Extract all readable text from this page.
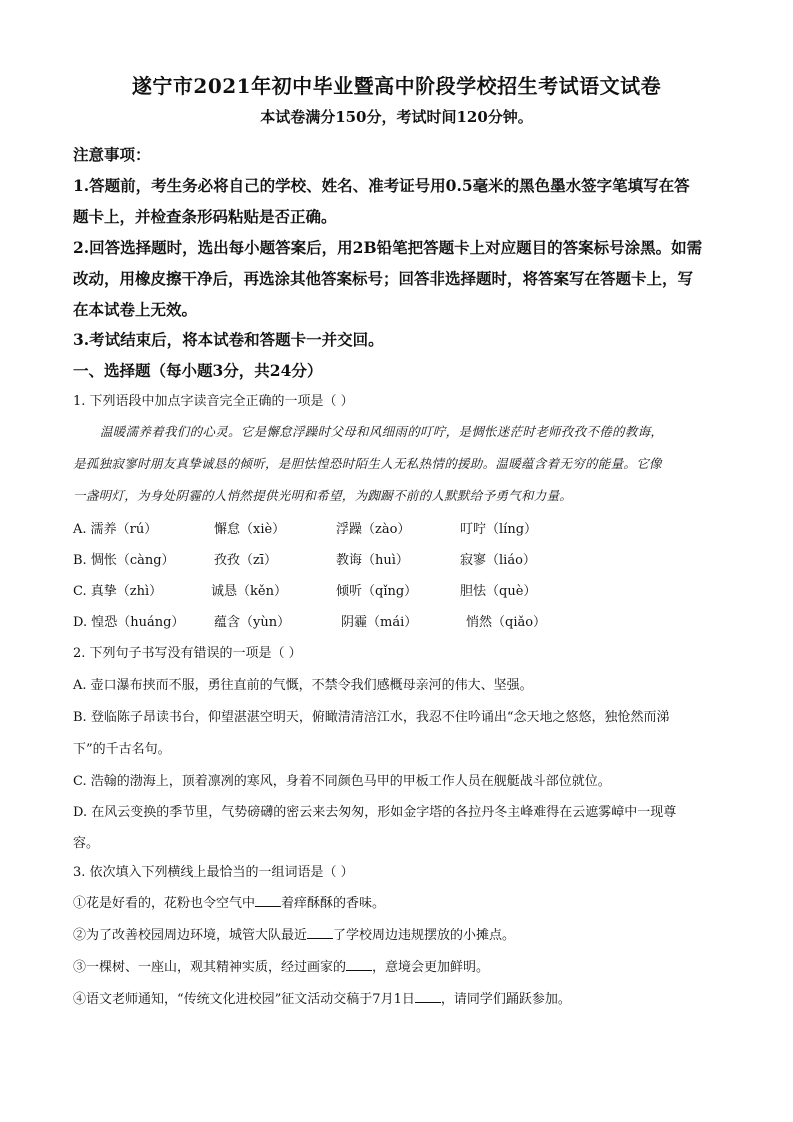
遂宁市2021年初中毕业暨高中阶段学校招生考试语文试卷
本试卷满分150分，考试时间120分钟。
注意事项：
1.答题前，考生务必将自己的学校、姓名、准考证号用0.5毫米的黑色墨水签字笔填写在答
题卡上，并检查条形码粘贴是否正确。
2.回答选择题时，选出每小题答案后，用2B铅笔把答题卡上对应题目的答案标号涂黑。如需
改动，用橡皮擦干净后，再选涂其他答案标号；回答非选择题时，将答案写在答题卡上，写
在本试卷上无效。
3.考试结束后，将本试卷和答题卡一并交回。
一、选择题（每小题3分，共24分）
1. 下列语段中加点字读音完全正确的一项是（ ）
温暖濡养着我们的心灵。它是懈怠浮躁时父母和风细雨的叮咛，是惆怅迷茫时老师孜孜不倦的教诲，
是孤独寂寥时朋友真挚诚恳的倾听，是胆怯惶恐时陌生人无私热情的援助。温暖蕴含着无穷的能量。它像
一盏明灯，为身处阴霾的人悄然提供光明和希望，为踟蹰不前的人默默给予勇气和力量。
A. 濡养（rú）	懈怠（xiè）	浮躁（zào）	叮咛（líng）
B. 惆怅（càng）	孜孜（zī）	教诲（huì）	寂寥（liáo）
C. 真挚（zhì）	诚恳（kěn）	倾听（qǐng）	胆怯（què）
D. 惶恐（huáng） 蕴含（yùn）	阴霾（mái）	悄然（qiǎo）
2. 下列句子书写没有错误的一项是（ ）
A. 壶口瀑布挟而不服，勇往直前的气慨，不禁令我们感概母亲河的伟大、坚强。
B. 登临陈子昂读书台，仰望湛湛空明天，俯瞰清清涪江水，我忍不住吟诵出“念天地之悠悠，独怆然而涕
下”的千古名句。
C. 浩翰的渤海上，顶着凛冽的寒风，身着不同颜色马甲的甲板工作人员在舰艇战斗部位就位。
D. 在风云变换的季节里，气势磅礴的密云来去匆匆，形如金字塔的各拉丹冬主峰难得在云遮雾嶂中一现尊
容。
3. 依次填入下列横线上最恰当的一组词语是（ ）
①花是好看的，花粉也令空气中 着痒酥酥的香味。
②为了改善校园周边环境，城管大队最近 了学校周边违规摆放的小摊点。
③一棵树、一座山，观其精神实质，经过画家的 ，意境会更加鲜明。
④语文老师通知，“传统文化进校园”征文活动交稿于7月1日 ，请同学们踊跃参加。
